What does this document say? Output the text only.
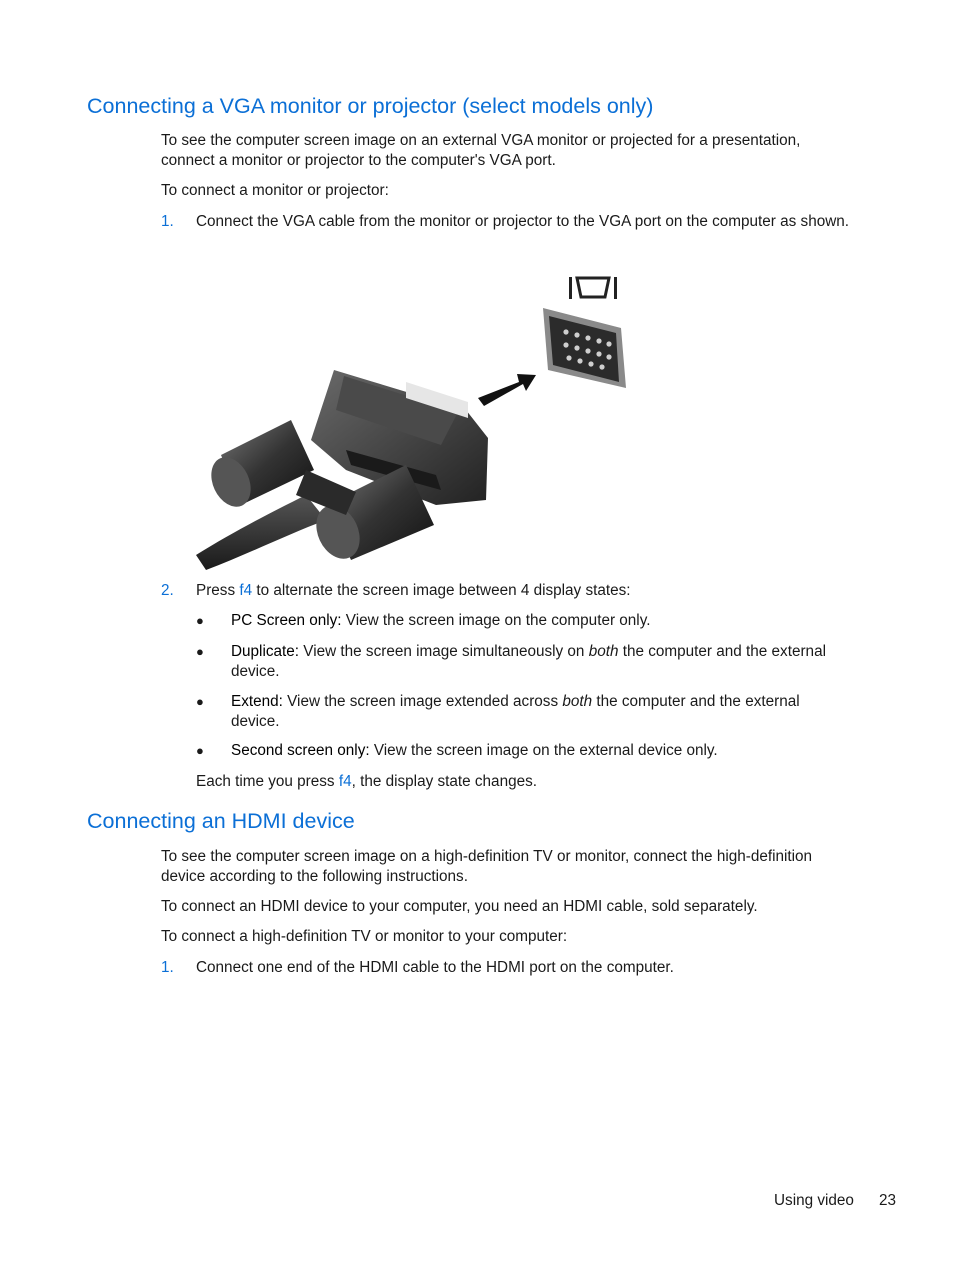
Connecting a VGA monitor or projector (select models only)

To see the computer screen image on an external VGA monitor or projected for a presentation, connect a monitor or projector to the computer's VGA port.

To connect a monitor or projector:

1. Connect the VGA cable from the monitor or projector to the VGA port on the computer as shown.

2. Press f4 to alternate the screen image between 4 display states:

● PC Screen only: View the screen image on the computer only.

● Duplicate: View the screen image simultaneously on both the computer and the external device.

● Extend: View the screen image extended across both the computer and the external device.

● Second screen only: View the screen image on the external device only.

Each time you press f4, the display state changes.

Connecting an HDMI device

To see the computer screen image on a high-definition TV or monitor, connect the high-definition device according to the following instructions.

To connect an HDMI device to your computer, you need an HDMI cable, sold separately.

To connect a high-definition TV or monitor to your computer:

1. Connect one end of the HDMI cable to the HDMI port on the computer.

Using video 23
